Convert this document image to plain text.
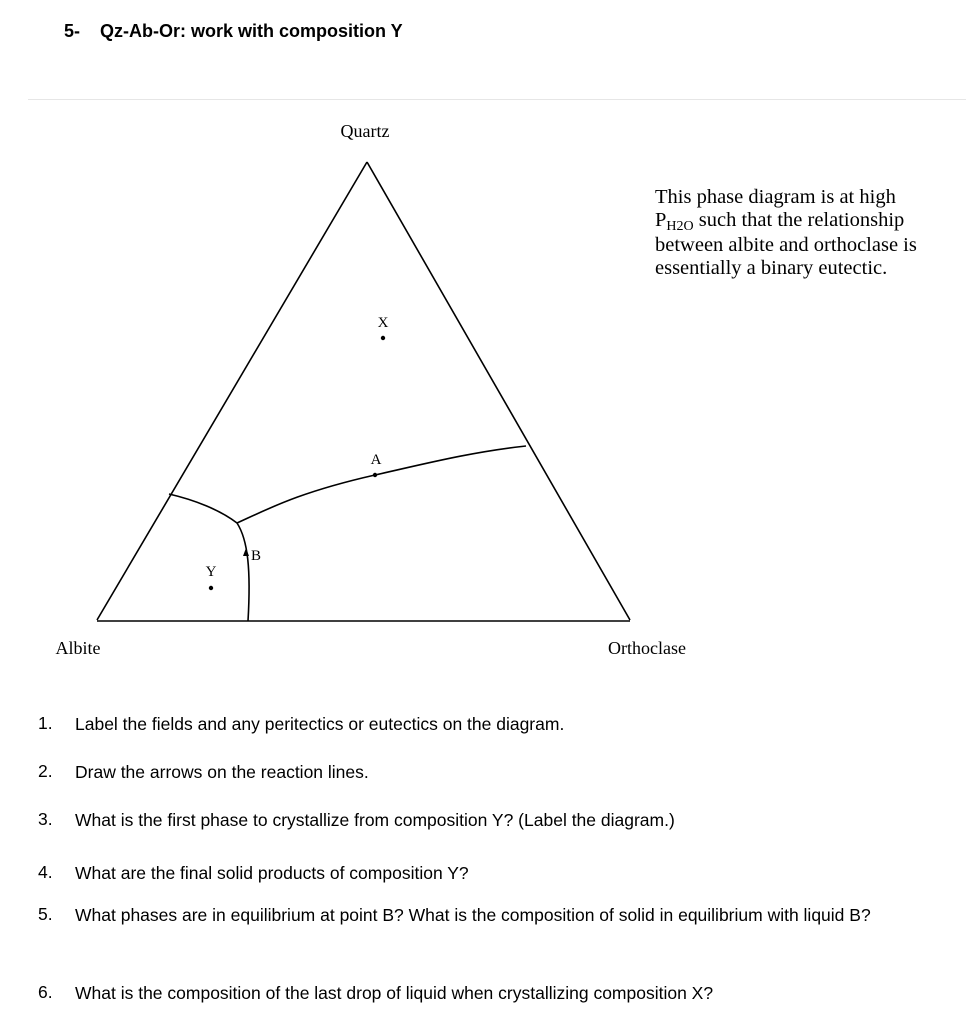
5- Qz-Ab-Or: work with composition Y
Quartz
Albite	Orthoclase
X
A
B
Y
This phase diagram is at high
PH2O such that the relationship
between albite and orthoclase is
essentially a binary eutectic.
1.	Label the fields and any peritectics or eutectics on the diagram.
2.	Draw the arrows on the reaction lines.
3.	What is the first phase to crystallize from composition Y? (Label the diagram.)
4.	What are the final solid products of composition Y?
5.	What phases are in equilibrium at point B? What is the composition of solid in equilibrium with liquid B?
6.	What is the composition of the last drop of liquid when crystallizing composition X?
